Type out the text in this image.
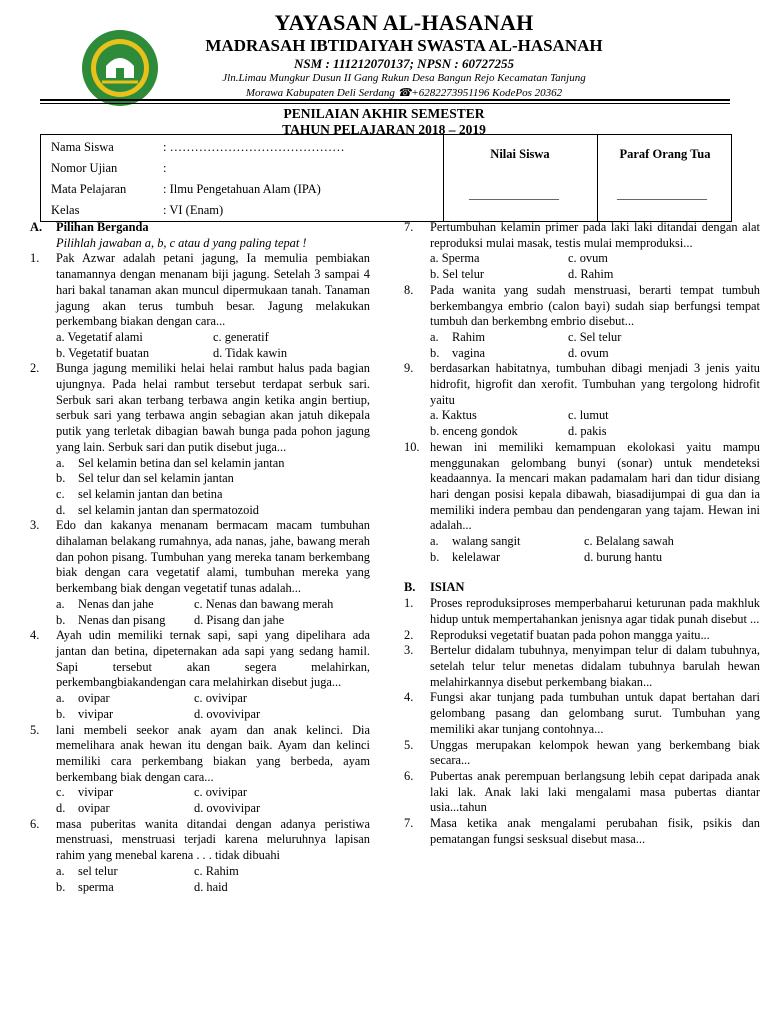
YAYASAN AL-HASANAH
MADRASAH IBTIDAIYAH SWASTA AL-HASANAH
NSM : 111212070137; NPSN : 60727255
Jln.Limau Mungkur Dusun II Gang Rukun Desa Bangun Rejo Kecamatan Tanjung
Morawa Kabupaten Deli Serdang ☎+6282273951196 KodePos 20362
PENILAIAN AKHIR SEMESTER
TAHUN PELAJARAN 2018 – 2019
Nama Siswa	: ……………………………………
Nomor Ujian	:
Mata Pelajaran	: Ilmu Pengetahuan Alam (IPA)
Kelas	: VI (Enam)
Nilai Siswa	Paraf Orang Tua
_______________	_______________
A.	Pilihan Berganda
Pilihlah jawaban a, b, c atau d yang paling tepat !
1.	Pak Azwar adalah petani jagung, Ia memulia pembiakan tanamannya dengan menanam biji jagung. Setelah 3 sampai 4 hari bakal tanaman akan muncul dipermukaan tanah. Tanaman jagung akan terus tumbuh besar. Jagung melakukan perkembang biakan dengan cara...
a. Vegetatif alami	c. generatif
b. Vegetatif buatan	d. Tidak kawin
2.	Bunga jagung memiliki helai helai rambut halus pada bagian ujungnya. Pada helai rambut tersebut terdapat serbuk sari. Serbuk sari akan terbang terbawa angin ketika angin bertiup, serbuk sari yang terbawa angin sebagian akan jatuh dikepala putik yang terletak dibagian bawah bunga pada pohon jagung yang lain. Serbuk sari dan putik disebut juga...
a.	Sel kelamin betina dan sel kelamin jantan
b.	Sel telur dan sel kelamin jantan
c.	sel kelamin jantan dan betina
d.	sel kelamin jantan dan spermatozoid
3.	Edo dan kakanya menanam bermacam macam tumbuhan dihalaman belakang rumahnya, ada nanas, jahe, bawang merah dan pohon pisang. Tumbuhan yang mereka tanam berkembang biak dengan cara vegetatif alami, tumbuhan mereka yang berkembang biak dengan vegetatif tunas adalah...
a.	Nenas dan jahe	c. Nenas dan bawang merah
b.	Nenas dan pisang d. Pisang dan jahe
4.	Ayah udin memiliki ternak sapi, sapi yang dipelihara ada jantan dan betina, dipeternakan ada sapi yang sedang hamil. Sapi tersebut akan segera melahirkan, perkembangbiakandengan cara melahirkan disebut juga...
a.	ovipar	c. ovivipar
b.	vivipar	d. ovovivipar
5.	lani membeli seekor anak ayam dan anak kelinci. Dia memelihara anak hewan itu dengan baik. Ayam dan kelinci memiliki cara perkembang biakan yang berbeda, ayam berkembang biak dengan cara...
c.	vivipar	c. ovivipar
d.	ovipar	d. ovovivipar
6.	masa puberitas wanita ditandai dengan adanya peristiwa menstruasi, menstruasi terjadi karena meluruhnya lapisan rahim yang menebal karena . . . tidak dibuahi
a.	sel telur	c. Rahim
b.	sperma	d. haid
7.	Pertumbuhan kelamin primer pada laki laki ditandai dengan alat reproduksi mulai masak, testis mulai memproduksi...
a. Sperma	c. ovum
b. Sel telur	d. Rahim
8.	Pada wanita yang sudah menstruasi, berarti tempat tumbuh berkembangya embrio (calon bayi) sudah siap berfungsi tempat tumbuh dan berkembng embrio disebut...
a.	Rahim	c. Sel telur
b.	vagina	d. ovum
9.	berdasarkan habitatnya, tumbuhan dibagi menjadi 3 jenis yaitu hidrofit, higrofit dan xerofit. Tumbuhan yang tergolong hidrofit yaitu
a. Kaktus	c. lumut
b. enceng gondok	d. pakis
10. hewan ini memiliki kemampuan ekolokasi yaitu mampu menggunakan gelombang bunyi (sonar) untuk mendeteksi keadaannya. Ia mencari makan padamalam hari dan tidur disiang hari dengan posisi kepala dibawah, biasadijumpai di gua dan ia memiliki indera pembau dan pendengaran yang tajam. Hewan ini adalah...
a.	walang sangit	c. Belalang sawah
b.	kelelawar	d. burung hantu
B.	ISIAN
1.	Proses reproduksiproses memperbaharui keturunan pada makhluk hidup untuk mempertahankan jenisnya agar tidak punah disebut ...
2.	Reproduksi vegetatif buatan pada pohon mangga yaitu...
3.	Bertelur didalam tubuhnya, menyimpan telur di dalam tubuhnya, setelah telur telur menetas didalam tubuhnya barulah hewan melahirkannya disebut perkembang biakan...
4.	Fungsi akar tunjang pada tumbuhan untuk dapat bertahan dari gelombang pasang dan gelombang surut. Tumbuhan yang memiliki akar tunjang contohnya...
5.	Unggas merupakan kelompok hewan yang berkembang biak secara...
6.	Pubertas anak perempuan berlangsung lebih cepat daripada anak laki lak. Anak laki laki mengalami masa pubertas diantar usia...tahun
7.	Masa ketika anak mengalami perubahan fisik, psikis dan pematangan fungsi sesksual disebut masa...
